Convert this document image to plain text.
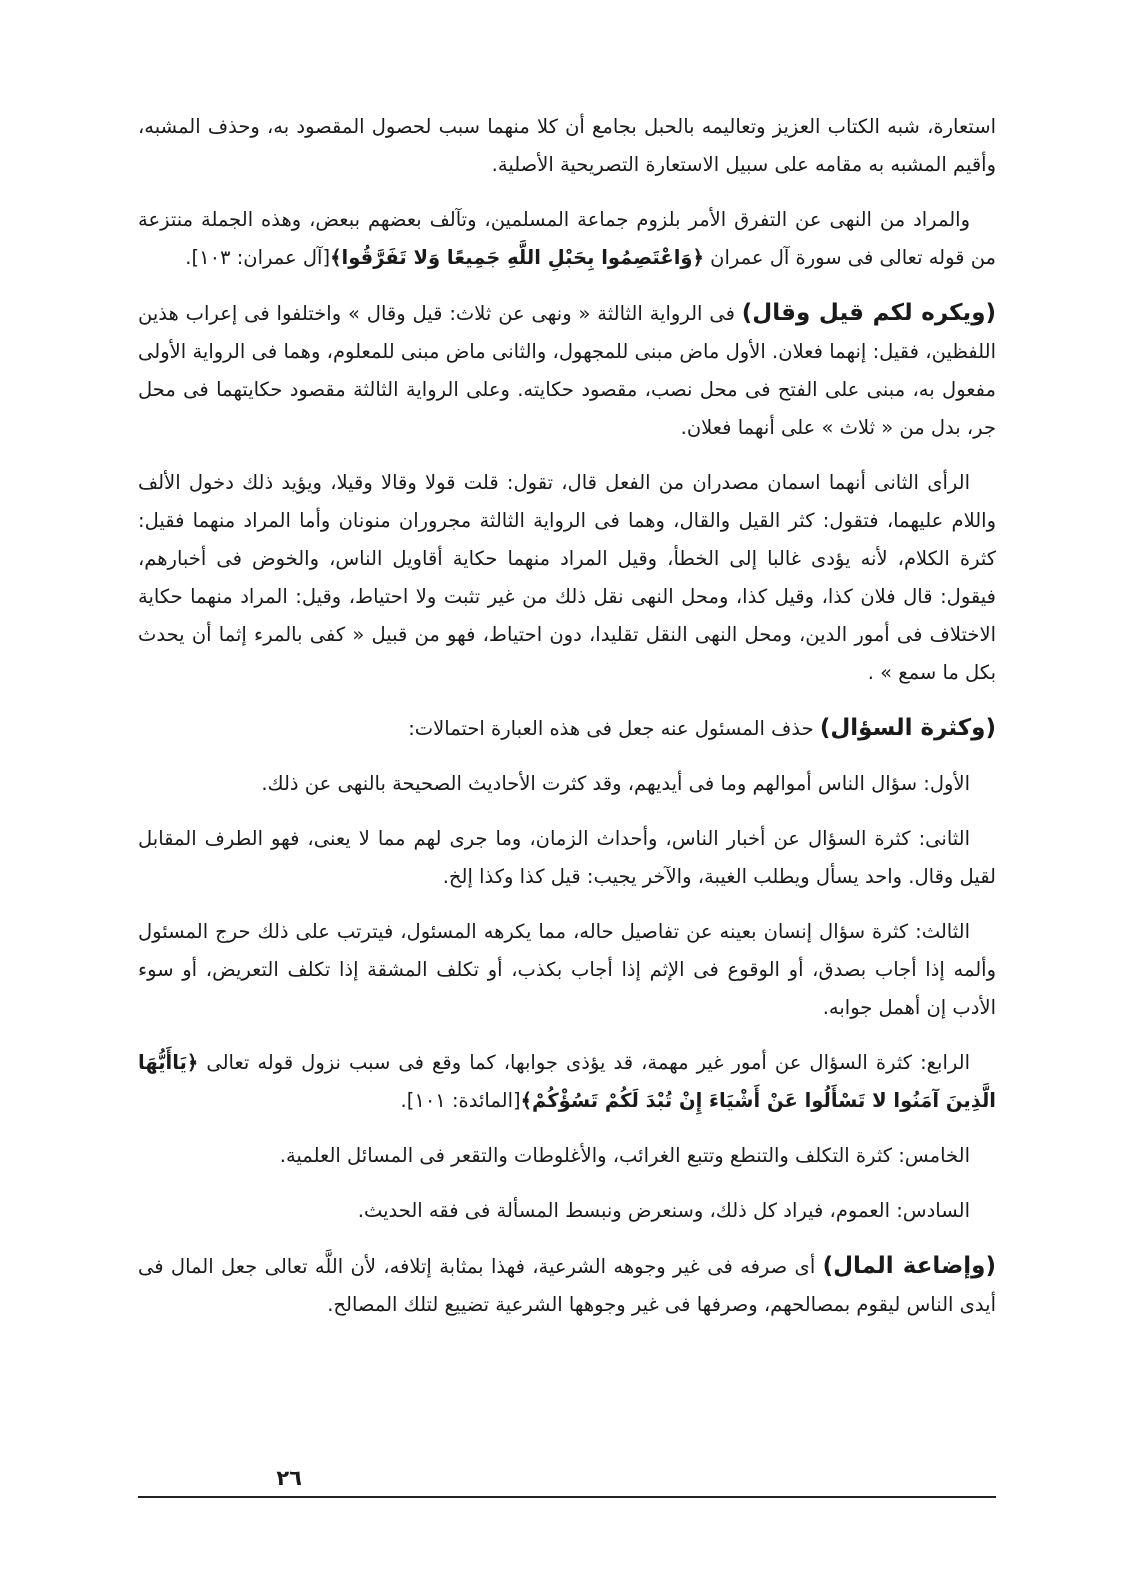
استعارة، شبه الكتاب العزيز وتعاليمه بالحبل بجامع أن كلا منهما سبب لحصول المقصود به، وحذف المشبه، وأقيم المشبه به مقامه على سبيل الاستعارة التصريحية الأصلية.

والمراد من النهى عن التفرق الأمر بلزوم جماعة المسلمين، وتآلف بعضهم ببعض، وهذه الجملة منتزعة من قوله تعالى فى سورة آل عمران ﴿وَاعْتَصِمُوا بِحَبْلِ اللَّهِ جَمِيعًا وَلا تَفَرَّقُوا﴾[آل عمران: ١٠٣].

(ويكره لكم قيل وقال) فى الرواية الثالثة « ونهى عن ثلاث: قيل وقال » واختلفوا فى إعراب هذين اللفظين، فقيل: إنهما فعلان. الأول ماض مبنى للمجهول، والثانى ماض مبنى للمعلوم، وهما فى الرواية الأولى مفعول به، مبنى على الفتح فى محل نصب، مقصود حكايته. وعلى الرواية الثالثة مقصود حكايتهما فى محل جر، بدل من « ثلاث » على أنهما فعلان.

الرأى الثانى أنهما اسمان مصدران من الفعل قال، تقول: قلت قولا وقالا وقيلا، ويؤيد ذلك دخول الألف واللام عليهما، فتقول: كثر القيل والقال، وهما فى الرواية الثالثة مجروران منونان وأما المراد منهما فقيل: كثرة الكلام، لأنه يؤدى غالبا إلى الخطأ، وقيل المراد منهما حكاية أقاويل الناس، والخوض فى أخبارهم، فيقول: قال فلان كذا، وقيل كذا، ومحل النهى نقل ذلك من غير تثبت ولا احتياط، وقيل: المراد منهما حكاية الاختلاف فى أمور الدين، ومحل النهى النقل تقليدا، دون احتياط، فهو من قبيل « كفى بالمرء إثما أن يحدث بكل ما سمع » .

(وكثرة السؤال) حذف المسئول عنه جعل فى هذه العبارة احتمالات:

الأول: سؤال الناس أموالهم وما فى أيديهم، وقد كثرت الأحاديث الصحيحة بالنهى عن ذلك.

الثانى: كثرة السؤال عن أخبار الناس، وأحداث الزمان، وما جرى لهم مما لا يعنى، فهو الطرف المقابل لقيل وقال. واحد يسأل ويطلب الغيبة، والآخر يجيب: قيل كذا وكذا إلخ.

الثالث: كثرة سؤال إنسان بعينه عن تفاصيل حاله، مما يكرهه المسئول، فيترتب على ذلك حرج المسئول وألمه إذا أجاب بصدق، أو الوقوع فى الإثم إذا أجاب بكذب، أو تكلف المشقة إذا تكلف التعريض، أو سوء الأدب إن أهمل جوابه.

الرابع: كثرة السؤال عن أمور غير مهمة، قد يؤذى جوابها، كما وقع فى سبب نزول قوله تعالى ﴿يَاأَيُّهَا الَّذِينَ آمَنُوا لا تَسْأَلُوا عَنْ أَشْيَاءَ إِنْ تُبْدَ لَكُمْ تَسُؤْكُمْ﴾[المائدة: ١٠١].

الخامس: كثرة التكلف والتنطع وتتبع الغرائب، والأغلوطات والتقعر فى المسائل العلمية.

السادس: العموم، فيراد كل ذلك، وسنعرض ونبسط المسألة فى فقه الحديث.

(وإضاعة المال) أى صرفه فى غير وجوهه الشرعية، فهذا بمثابة إتلافه، لأن اللَّه تعالى جعل المال فى أيدى الناس ليقوم بمصالحهم، وصرفها فى غير وجوهها الشرعية تضييع لتلك المصالح.

٢٦
